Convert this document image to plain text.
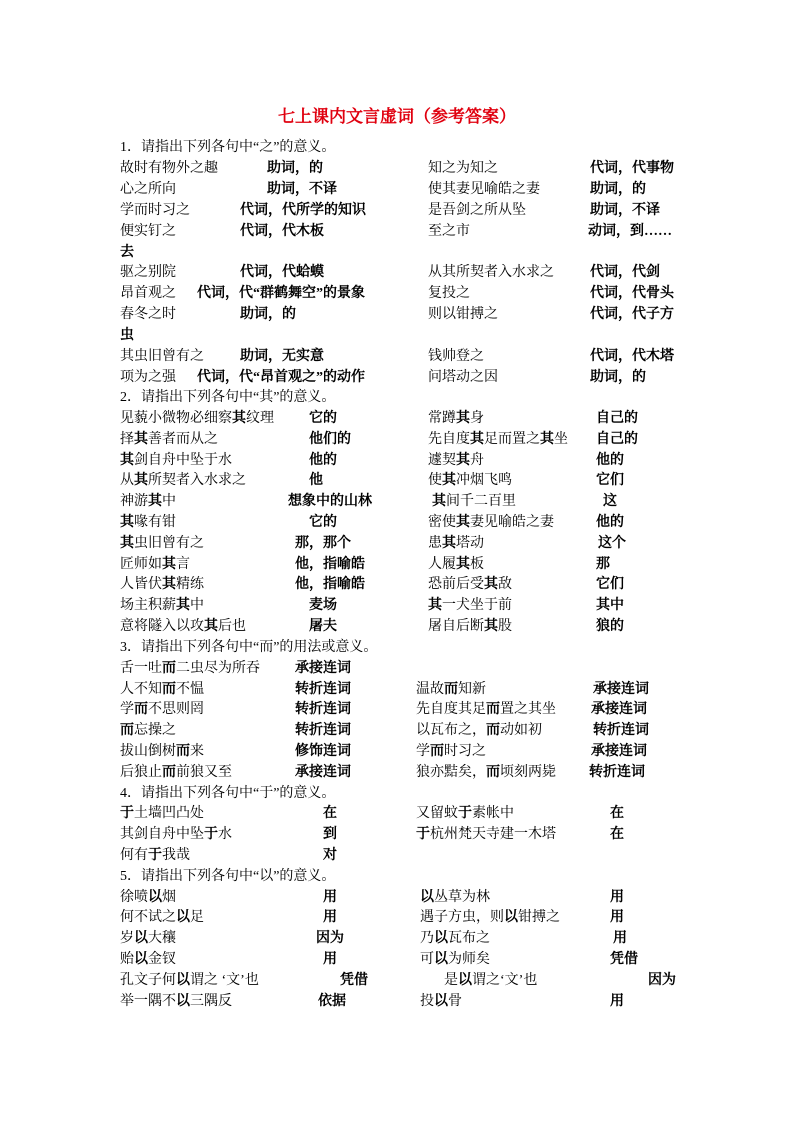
七上课内文言虚词（参考答案）
1．请指出下列各句中“之”的意义。
故时有物外之趣	助词，的	知之为知之	代词，代事物
心之所向	助词，不译	使其妻见喻皓之妻	助词，的
学而时习之	代词，代所学的知识	是吾剑之所从坠	助词，不译
便实钉之	代词，代木板	至之市	动词，到……
去
驱之别院	代词，代蛤蟆	从其所契者入水求之	代词，代剑
昂首观之 代词，代“群鹤舞空”的景象	复投之	代词，代骨头
春冬之时	助词，的	则以钳搏之	代词，代子方
虫
其虫旧曾有之	助词，无实意	钱帅登之	代词，代木塔
项为之强 代词，代“昂首观之”的动作	问塔动之因	助词，的
2．请指出下列各句中“其”的意义。
见藐小微物必细察其纹理	它的	常蹲其身	自己的
择其善者而从之	他们的	先自度其足而置之其坐 自己的
其剑自舟中坠于水	他的	遽契其舟	他的
从其所契者入水求之	他	使其冲烟飞鸣	它们
神游其中	想象中的山林	其间千二百里	这
其喙有钳	它的	密使其妻见喻皓之妻	他的
其虫旧曾有之	那，那个	患其塔动	这个
匠师如其言	他，指喻皓	人履其板	那
人皆伏其精练	他，指喻皓	恐前后受其敌	它们
场主积薪其中	麦场	其一犬坐于前	其中
意将隧入以攻其后也	屠夫	屠自后断其股	狼的
3．请指出下列各句中“而”的用法或意义。
舌一吐而二虫尽为所吞	承接连词
人不知而不愠	转折连词	温故而知新	承接连词
学而不思则罔	转折连词	先自度其足而置之其坐	承接连词
而忘操之	转折连词	以瓦布之，而动如初	转折连词
拔山倒树而来	修饰连词	学而时习之	承接连词
后狼止而前狼又至	承接连词	狼亦黠矣，而顷刻两毙 转折连词
4．请指出下列各句中“于”的意义。
于土墙凹凸处	在	又留蚊于素帐中	在
其剑自舟中坠于水	到	于杭州梵天寺建一木塔	在
何有于我哉	对
5．请指出下列各句中“以”的意义。
徐喷以烟	用	以丛草为林	用
何不试之以足	用	遇子方虫，则以钳搏之	用
岁以大穰	因为	乃以瓦布之	用
贻以金钗	用	可以为师矣	凭借
孔文子何以谓之 ‘文’也	凭借	是以谓之‘文’也	因为
举一隅不以三隅反	依据	投以骨	用
